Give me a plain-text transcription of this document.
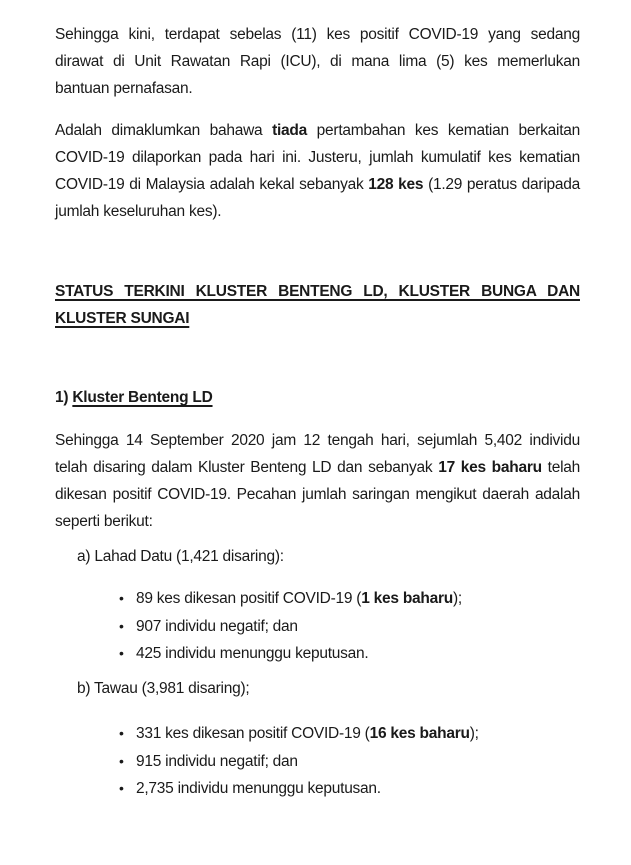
Sehingga kini, terdapat sebelas (11) kes positif COVID-19 yang sedang
dirawat di Unit Rawatan Rapi (ICU), di mana lima (5) kes memerlukan
bantuan pernafasan.
Adalah dimaklumkan bahawa tiada pertambahan kes kematian berkaitan
COVID-19 dilaporkan pada hari ini. Justeru, jumlah kumulatif kes kematian
COVID-19 di Malaysia adalah kekal sebanyak 128 kes (1.29 peratus daripada
jumlah keseluruhan kes).
STATUS TERKINI KLUSTER BENTENG LD, KLUSTER BUNGA DAN
KLUSTER SUNGAI
1) Kluster Benteng LD
Sehingga 14 September 2020 jam 12 tengah hari, sejumlah 5,402 individu
telah disaring dalam Kluster Benteng LD dan sebanyak 17 kes baharu telah
dikesan positif COVID-19. Pecahan jumlah saringan mengikut daerah adalah
seperti berikut:
a) Lahad Datu (1,421 disaring):
• 89 kes dikesan positif COVID-19 (1 kes baharu);
• 907 individu negatif; dan
• 425 individu menunggu keputusan.
b) Tawau (3,981 disaring);
• 331 kes dikesan positif COVID-19 (16 kes baharu);
• 915 individu negatif; dan
• 2,735 individu menunggu keputusan.
